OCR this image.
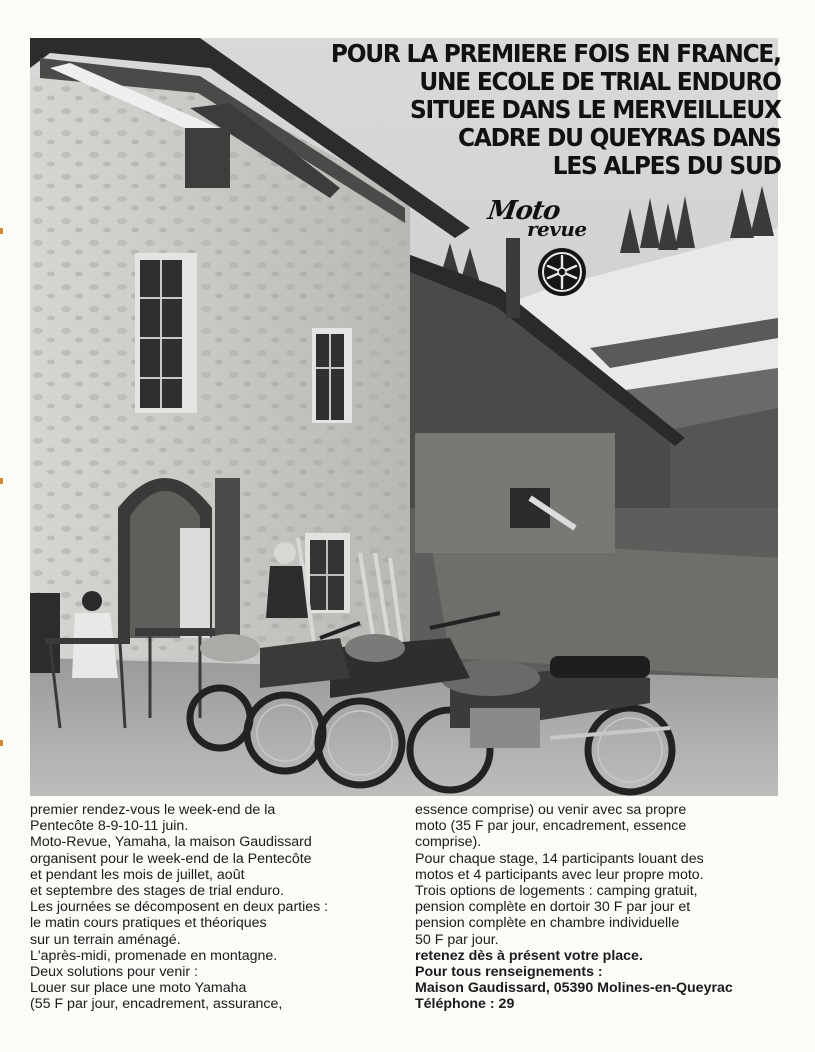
POUR LA PREMIERE FOIS EN FRANCE,
UNE ECOLE DE TRIAL ENDURO
SITUEE DANS LE MERVEILLEUX
CADRE DU QUEYRAS DANS
LES ALPES DU SUD
Moto
revue

premier rendez-vous le week-end de la

Pentecôte 8-9-10-11 juin.

Moto-Revue, Yamaha, la maison Gaudissard

organisent pour le week-end de la Pentecôte

et pendant les mois de juillet, août

et septembre des stages de trial enduro.

Les journées se décomposent en deux parties :

le matin cours pratiques et théoriques

sur un terrain aménagé.

L'après-midi, promenade en montagne.

Deux solutions pour venir :

Louer sur place une moto Yamaha

(55 F par jour, encadrement, assurance,

essence comprise) ou venir avec sa propre

moto (35 F par jour, encadrement, essence

comprise).

Pour chaque stage, 14 participants louant des

motos et 4 participants avec leur propre moto.

Trois options de logements : camping gratuit,

pension complète en dortoir 30 F par jour et

pension complète en chambre individuelle

50 F par jour.

retenez dès à présent votre place.

Pour tous renseignements :

Maison Gaudissard, 05390 Molines-en-Queyrac

Téléphone : 29
